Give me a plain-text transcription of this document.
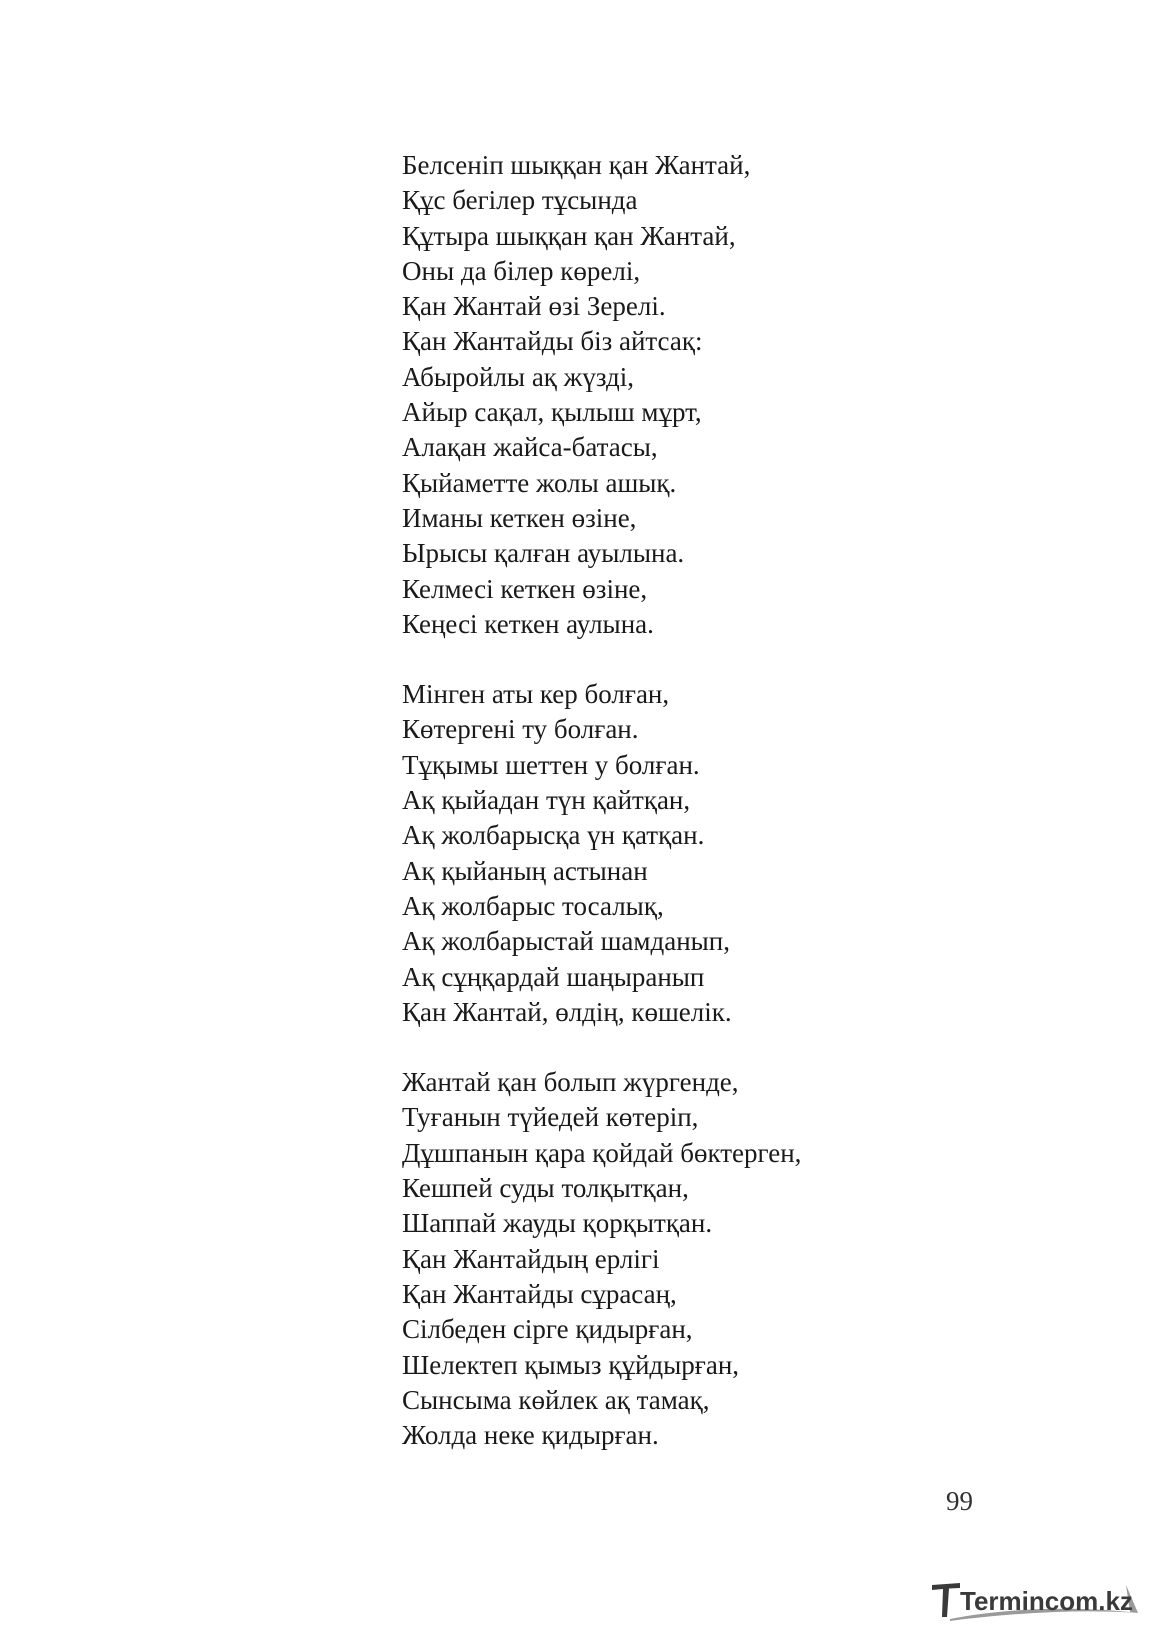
Белсеніп шыққан қан Жантай,
Құс бегілер тұсында
Құтыра шыққан қан Жантай,
Оны да білер көрелі,
Қан Жантай өзі Зерелі.
Қан Жантайды біз айтсақ:
Абыройлы ақ жүзді,
Айыр сақал, қылыш мұрт,
Алақан жайса-батасы,
Қыйаметте жолы ашық.
Иманы кеткен өзіне,
Ырысы қалған ауылына.
Келмесі кеткен өзіне,
Кеңесі кеткен аулына.
Мінген аты кер болған,
Көтергені ту болған.
Тұқымы шеттен у болған.
Ақ қыйадан түн қайтқан,
Ақ жолбарысқа үн қатқан.
Ақ қыйаның астынан
Ақ жолбарыс тосалық,
Ақ жолбарыстай шамданып,
Ақ сұңқардай шаңыранып
Қан Жантай, өлдің, көшелік.
Жантай қан болып жүргенде,
Туғанын түйедей көтеріп,
Дұшпанын қара қойдай бөктерген,
Кешпей суды толқытқан,
Шаппай жауды қорқытқан.
Қан Жантайдың ерлігі
Қан Жантайды сұрасаң,
Сілбеден сірге қидырған,
Шелектеп қымыз құйдырған,
Сынсыма көйлек ақ тамақ,
Жолда неке қидырған.
99
Termincom.kz
